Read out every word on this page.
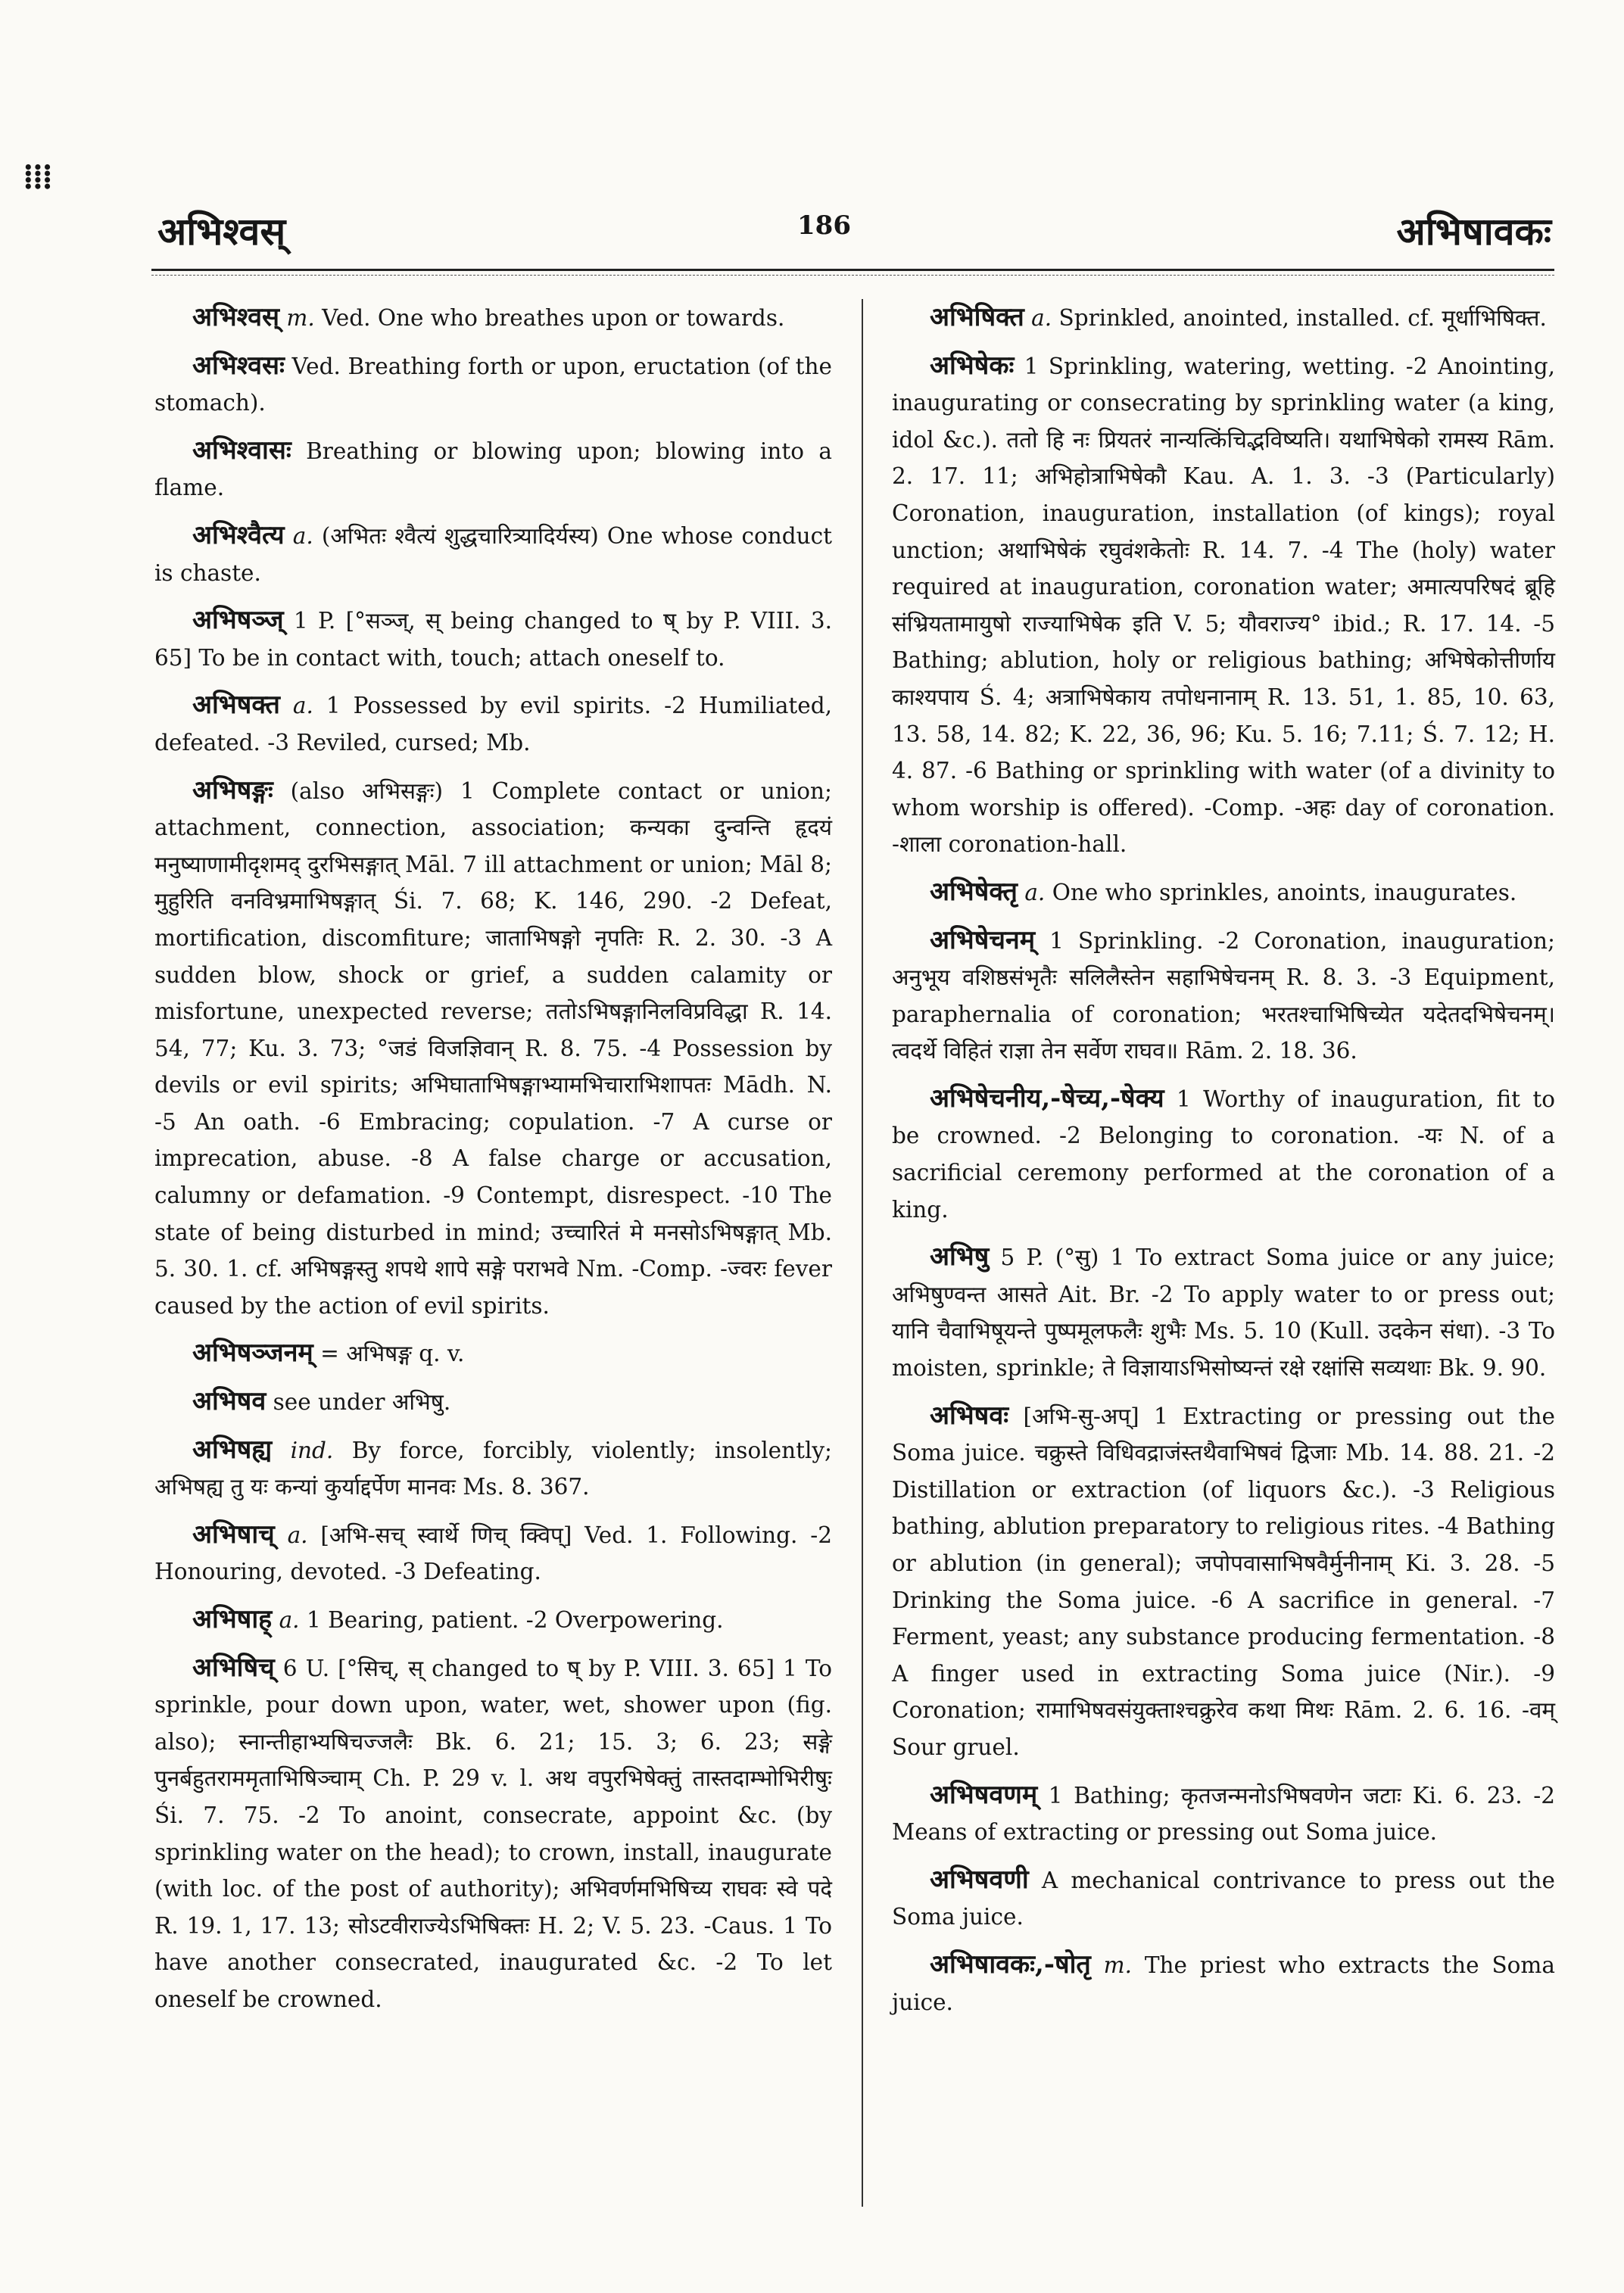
⁞⁞⁞
अभिश्वस्	186	अभिषावकः

अभिश्वस् m. Ved. One who breathes upon or towards.

अभिश्वसः Ved. Breathing forth or upon, eructation (of the stomach).

अभिश्वासः Breathing or blowing upon; blowing into a flame.

अभिश्वैत्य a. (अभितः श्वैत्यं शुद्धचारित्र्यादिर्यस्य) One whose conduct is chaste.

अभिषञ्ज् 1 P. [°सञ्ज्, स् being changed to ष् by P. VIII. 3. 65] To be in contact with, touch; attach oneself to.

अभिषक्त a. 1 Possessed by evil spirits. -2 Humiliated, defeated. -3 Reviled, cursed; Mb.

अभिषङ्गः (also अभिसङ्गः) 1 Complete contact or union; attachment, connection, association; कन्यका दुन्वन्ति हृदयं मनुष्याणामीदृशमद् दुरभिसङ्गात् Māl. 7 ill attachment or union; Māl 8; मुहुरिति वनविभ्रमाभिषङ्गात् Śi. 7. 68; K. 146, 290. -2 Defeat, mortification, discomfiture; जाताभिषङ्गो नृपतिः R. 2. 30. -3 A sudden blow, shock or grief, a sudden calamity or misfortune, unexpected reverse; ततोऽभिषङ्गानिलविप्रविद्धा R. 14. 54, 77; Ku. 3. 73; °जडं विजज्ञिवान् R. 8. 75. -4 Possession by devils or evil spirits; अभिघाताभिषङ्गाभ्यामभिचाराभिशापतः Mādh. N. -5 An oath. -6 Embracing; copulation. -7 A curse or imprecation, abuse. -8 A false charge or accusation, calumny or defamation. -9 Contempt, disrespect. -10 The state of being disturbed in mind; उच्चारितं मे मनसोऽभिषङ्गात् Mb. 5. 30. 1. cf. अभिषङ्गस्तु शपथे शापे सङ्गे पराभवे Nm. -Comp. -ज्वरः fever caused by the action of evil spirits.

अभिषञ्जनम् = अभिषङ्ग q. v.

अभिषव see under अभिषु.

अभिषह्य ind. By force, forcibly, violently; insolently; अभिषह्य तु यः कन्यां कुर्याद्दर्पेण मानवः Ms. 8. 367.

अभिषाच् a. [अभि-सच् स्वार्थे णिच् क्विप्] Ved. 1. Following. -2 Honouring, devoted. -3 Defeating.

अभिषाह् a. 1 Bearing, patient. -2 Overpowering.

अभिषिच् 6 U. [°सिच्, स् changed to ष् by P. VIII. 3. 65] 1 To sprinkle, pour down upon, water, wet, shower upon (fig. also); स्नान्तीहाभ्यषिचज्जलैः Bk. 6. 21; 15. 3; 6. 23; सङ्गे पुनर्बहुतराममृताभिषिञ्चाम् Ch. P. 29 v. l. अथ वपुरभिषेक्तुं तास्तदाम्भोभिरीषुः Śi. 7. 75. -2 To anoint, consecrate, appoint &c. (by sprinkling water on the head); to crown, install, inaugurate (with loc. of the post of authority); अभिवर्णमभिषिच्य राघवः स्वे पदे R. 19. 1, 17. 13; सोऽटवीराज्येऽभिषिक्तः H. 2; V. 5. 23. -Caus. 1 To have another consecrated, inaugurated &c. -2 To let oneself be crowned.

अभिषिक्त a. Sprinkled, anointed, installed. cf. मूर्धाभिषिक्त.

अभिषेकः 1 Sprinkling, watering, wetting. -2 Anointing, inaugurating or consecrating by sprinkling water (a king, idol &c.). ततो हि नः प्रियतरं नान्यत्किंचिद्भविष्यति। यथाभिषेको रामस्य Rām. 2. 17. 11; अभिहोत्राभिषेकौ Kau. A. 1. 3. -3 (Particularly) Coronation, inauguration, installation (of kings); royal unction; अथाभिषेकं रघुवंशकेतोः R. 14. 7. -4 The (holy) water required at inauguration, coronation water; अमात्यपरिषदं ब्रूहि संभ्रियतामायुषो राज्याभिषेक इति V. 5; यौवराज्य° ibid.; R. 17. 14. -5 Bathing; ablution, holy or religious bathing; अभिषेकोत्तीर्णाय काश्यपाय Ś. 4; अत्राभिषेकाय तपोधनानाम् R. 13. 51, 1. 85, 10. 63, 13. 58, 14. 82; K. 22, 36, 96; Ku. 5. 16; 7.11; Ś. 7. 12; H. 4. 87. -6 Bathing or sprinkling with water (of a divinity to whom worship is offered). -Comp. -अहः day of coronation. -शाला coronation-hall.

अभिषेक्तृ a. One who sprinkles, anoints, inaugurates.

अभिषेचनम् 1 Sprinkling. -2 Coronation, inauguration; अनुभूय वशिष्ठसंभृतैः सलिलैस्तेन सहाभिषेचनम् R. 8. 3. -3 Equipment, paraphernalia of coronation; भरतश्चाभिषिच्येत यदेतदभिषेचनम्। त्वदर्थे विहितं राज्ञा तेन सर्वेण राघव॥ Rām. 2. 18. 36.

अभिषेचनीय,-षेच्य,-षेक्य 1 Worthy of inauguration, fit to be crowned. -2 Belonging to coronation. -यः N. of a sacrificial ceremony performed at the coronation of a king.

अभिषु 5 P. (°सु) 1 To extract Soma juice or any juice; अभिषुण्वन्त आसते Ait. Br. -2 To apply water to or press out; यानि चैवाभिषूयन्ते पुष्पमूलफलैः शुभैः Ms. 5. 10 (Kull. उदकेन संधा). -3 To moisten, sprinkle; ते विज्ञायाऽभिसोष्यन्तं रक्षे रक्षांसि सव्यथाः Bk. 9. 90.

अभिषवः [अभि-सु-अप्] 1 Extracting or pressing out the Soma juice. चक्रुस्ते विधिवद्राजंस्तथैवाभिषवं द्विजाः Mb. 14. 88. 21. -2 Distillation or extraction (of liquors &c.). -3 Religious bathing, ablution preparatory to religious rites. -4 Bathing or ablution (in general); जपोपवासाभिषवैर्मुनीनाम् Ki. 3. 28. -5 Drinking the Soma juice. -6 A sacrifice in general. -7 Ferment, yeast; any substance producing fermentation. -8 A finger used in extracting Soma juice (Nir.). -9 Coronation; रामाभिषवसंयुक्ताश्चक्रुरेव कथा मिथः Rām. 2. 6. 16. -वम् Sour gruel.

अभिषवणम् 1 Bathing; कृतजन्मनोऽभिषवणेन जटाः Ki. 6. 23. -2 Means of extracting or pressing out Soma juice.

अभिषवणी A mechanical contrivance to press out the Soma juice.

अभिषावकः,-षोतृ m. The priest who extracts the Soma juice.
